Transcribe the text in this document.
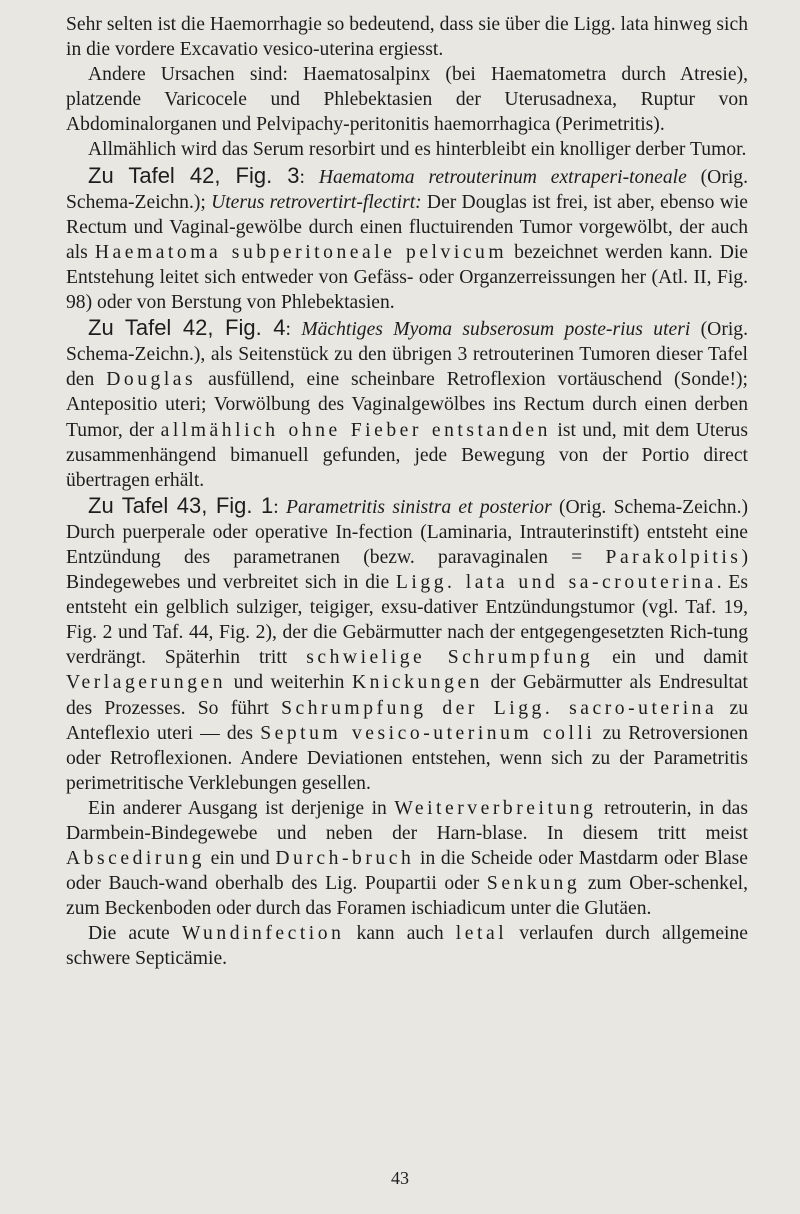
Sehr selten ist die Haemorrhagie so bedeutend, dass sie über die Ligg. lata hinweg sich in die vordere Excavatio vesico-uterina ergiesst.

Andere Ursachen sind: Haematosalpinx (bei Haematometra durch Atresie), platzende Varicocele und Phlebektasien der Uterusadnexa, Ruptur von Abdominalorganen und Pelvipachy-peritonitis haemorrhagica (Perimetritis).

Allmählich wird das Serum resorbirt und es hinterbleibt ein knolliger derber Tumor.

Zu Tafel 42, Fig. 3: Haematoma retrouterinum extraperi-toneale (Orig. Schema-Zeichn.); Uterus retrovertirt-flectirt: Der Douglas ist frei, ist aber, ebenso wie Rectum und Vaginal-gewölbe durch einen fluctuirenden Tumor vorgewölbt, der auch als Haematoma subperitoneale pelvicum bezeichnet werden kann. Die Entstehung leitet sich entweder von Gefäss- oder Organzerreissungen her (Atl. II, Fig. 98) oder von Berstung von Phlebektasien.

Zu Tafel 42, Fig. 4: Mächtiges Myoma subserosum poste-rius uteri (Orig. Schema-Zeichn.), als Seitenstück zu den übrigen 3 retrouterinen Tumoren dieser Tafel den Douglas ausfüllend, eine scheinbare Retroflexion vortäuschend (Sonde!); Antepositio uteri; Vorwölbung des Vaginalgewölbes ins Rectum durch einen derben Tumor, der allmählich ohne Fieber entstanden ist und, mit dem Uterus zusammenhängend bimanuell gefunden, jede Bewegung von der Portio direct übertragen erhält.

Zu Tafel 43, Fig. 1: Parametritis sinistra et posterior (Orig. Schema-Zeichn.) Durch puerperale oder operative In-fection (Laminaria, Intrauterinstift) entsteht eine Entzündung des parametranen (bezw. paravaginalen = Parakolpitis) Bindegewebes und verbreitet sich in die Ligg. lata und sa-crouterina. Es entsteht ein gelblich sulziger, teigiger, exsu-dativer Entzündungstumor (vgl. Taf. 19, Fig. 2 und Taf. 44, Fig. 2), der die Gebärmutter nach der entgegengesetzten Rich-tung verdrängt. Späterhin tritt schwielige Schrumpfung ein und damit Verlagerungen und weiterhin Knickungen der Gebärmutter als Endresultat des Prozesses. So führt Schrumpfung der Ligg. sacro-uterina zu Anteflexio uteri — des Septum vesico-uterinum colli zu Retroversionen oder Retroflexionen. Andere Deviationen entstehen, wenn sich zu der Parametritis perimetritische Verklebungen gesellen.

Ein anderer Ausgang ist derjenige in Weiterverbreitung retrouterin, in das Darmbein-Bindegewebe und neben der Harn-blase. In diesem tritt meist Abscedirung ein und Durch-bruch in die Scheide oder Mastdarm oder Blase oder Bauch-wand oberhalb des Lig. Poupartii oder Senkung zum Ober-schenkel, zum Beckenboden oder durch das Foramen ischiadicum unter die Glutäen.

Die acute Wundinfection kann auch letal verlaufen durch allgemeine schwere Septicämie.

43
